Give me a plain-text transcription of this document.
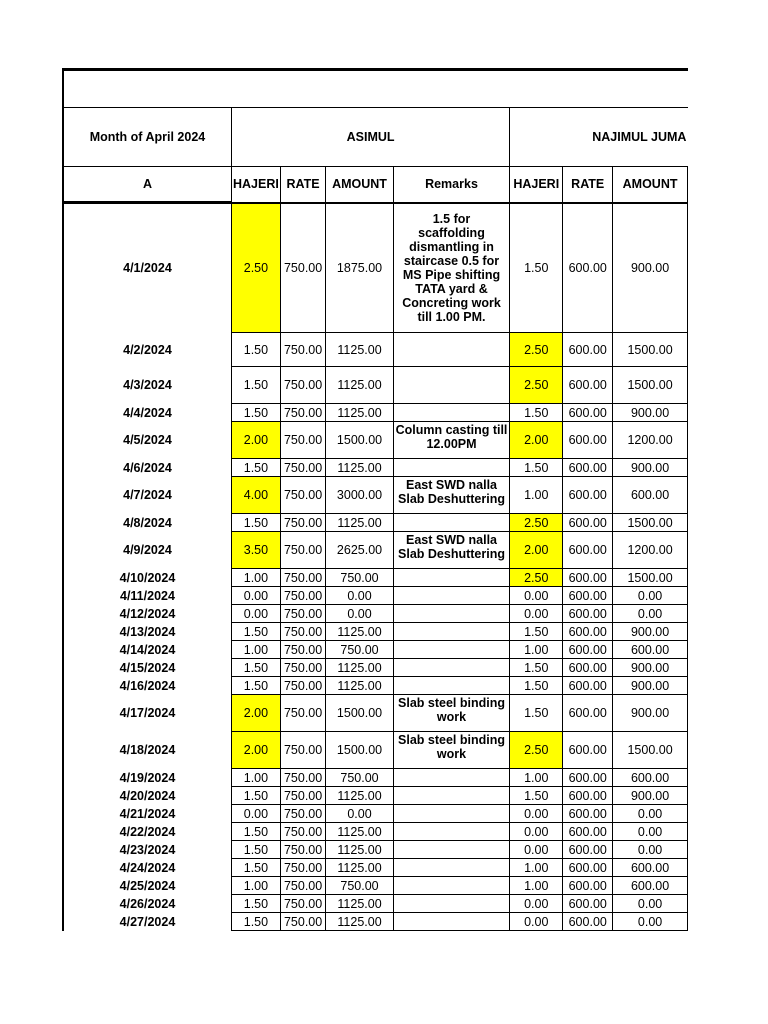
Month of April 2024	ASIMUL				NAJIMUL JUMA		
A	HAJERI	RATE	AMOUNT	Remarks	HAJERI	RATE	AMOUNT
4/1/2024	2.50	750.00	1875.00	1.5 for scaffolding dismantling in staircase 0.5 for MS Pipe shifting TATA yard & Concreting work till 1.00 PM.	1.50	600.00	900.00
4/2/2024	1.50	750.00	1125.00		2.50	600.00	1500.00
4/3/2024	1.50	750.00	1125.00		2.50	600.00	1500.00
4/4/2024	1.50	750.00	1125.00		1.50	600.00	900.00
4/5/2024	2.00	750.00	1500.00	Column casting till 12.00PM	2.00	600.00	1200.00
4/6/2024	1.50	750.00	1125.00		1.50	600.00	900.00
4/7/2024	4.00	750.00	3000.00	East SWD nalla Slab Deshuttering	1.00	600.00	600.00
4/8/2024	1.50	750.00	1125.00		2.50	600.00	1500.00
4/9/2024	3.50	750.00	2625.00	East SWD nalla Slab Deshuttering	2.00	600.00	1200.00
4/10/2024	1.00	750.00	750.00		2.50	600.00	1500.00
4/11/2024	0.00	750.00	0.00		0.00	600.00	0.00
4/12/2024	0.00	750.00	0.00		0.00	600.00	0.00
4/13/2024	1.50	750.00	1125.00		1.50	600.00	900.00
4/14/2024	1.00	750.00	750.00		1.00	600.00	600.00
4/15/2024	1.50	750.00	1125.00		1.50	600.00	900.00
4/16/2024	1.50	750.00	1125.00		1.50	600.00	900.00
4/17/2024	2.00	750.00	1500.00	Slab steel binding work	1.50	600.00	900.00
4/18/2024	2.00	750.00	1500.00	Slab steel binding work	2.50	600.00	1500.00
4/19/2024	1.00	750.00	750.00		1.00	600.00	600.00
4/20/2024	1.50	750.00	1125.00		1.50	600.00	900.00
4/21/2024	0.00	750.00	0.00		0.00	600.00	0.00
4/22/2024	1.50	750.00	1125.00		0.00	600.00	0.00
4/23/2024	1.50	750.00	1125.00		0.00	600.00	0.00
4/24/2024	1.50	750.00	1125.00		1.00	600.00	600.00
4/25/2024	1.00	750.00	750.00		1.00	600.00	600.00
4/26/2024	1.50	750.00	1125.00		0.00	600.00	0.00
4/27/2024	1.50	750.00	1125.00		0.00	600.00	0.00
